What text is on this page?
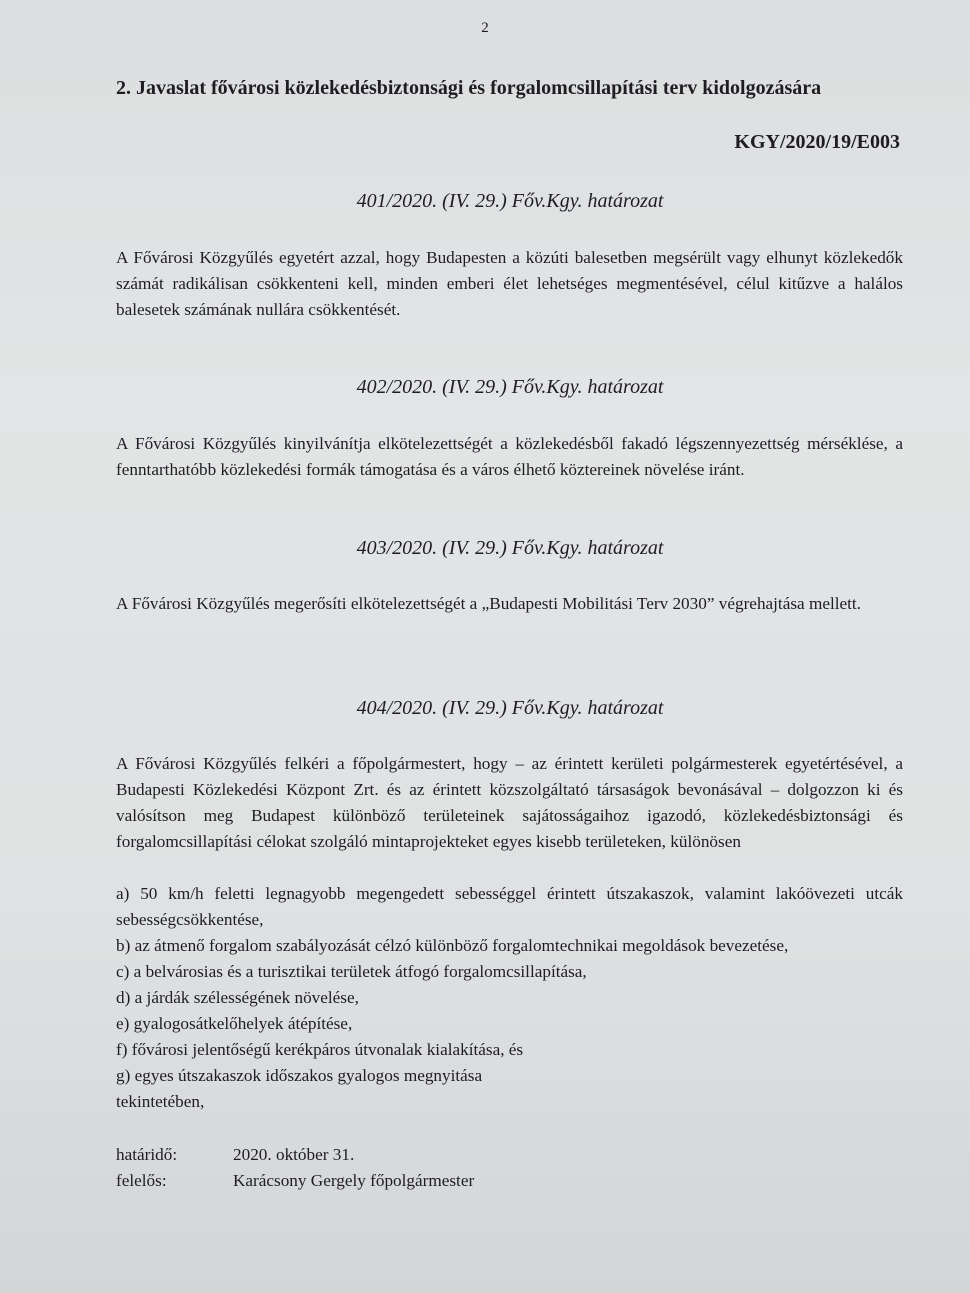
2
2. Javaslat fővárosi közlekedésbiztonsági és forgalomcsillapítási terv kidolgozására
KGY/2020/19/E003
401/2020. (IV. 29.) Főv.Kgy. határozat
A Fővárosi Közgyűlés egyetért azzal, hogy Budapesten a közúti balesetben megsérült vagy elhunyt közlekedők számát radikálisan csökkenteni kell, minden emberi élet lehetséges megmentésével, célul kitűzve a halálos balesetek számának nullára csökkentését.
402/2020. (IV. 29.) Főv.Kgy. határozat
A Fővárosi Közgyűlés kinyilvánítja elkötelezettségét a közlekedésből fakadó légszennyezettség mérséklése, a fenntarthatóbb közlekedési formák támogatása és a város élhető köztereinek növelése iránt.
403/2020. (IV. 29.) Főv.Kgy. határozat
A Fővárosi Közgyűlés megerősíti elkötelezettségét a „Budapesti Mobilitási Terv 2030” végrehajtása mellett.
404/2020. (IV. 29.) Főv.Kgy. határozat
A Fővárosi Közgyűlés felkéri a főpolgármestert, hogy – az érintett kerületi polgármesterek egyetértésével, a Budapesti Közlekedési Központ Zrt. és az érintett közszolgáltató társaságok bevonásával – dolgozzon ki és valósítson meg Budapest különböző területeinek sajátosságaihoz igazodó, közlekedésbiztonsági és forgalomcsillapítási célokat szolgáló mintaprojekteket egyes kisebb területeken, különösen
a) 50 km/h feletti legnagyobb megengedett sebességgel érintett útszakaszok, valamint lakóövezeti utcák sebességcsökkentése,
b) az átmenő forgalom szabályozását célzó különböző forgalomtechnikai megoldások bevezetése,
c) a belvárosias és a turisztikai területek átfogó forgalomcsillapítása,
d) a járdák szélességének növelése,
e) gyalogosátkelőhelyek átépítése,
f) fővárosi jelentőségű kerékpáros útvonalak kialakítása, és
g) egyes útszakaszok időszakos gyalogos megnyitása
tekintetében,
határidő:	2020. október 31.
felelős:	Karácsony Gergely főpolgármester
